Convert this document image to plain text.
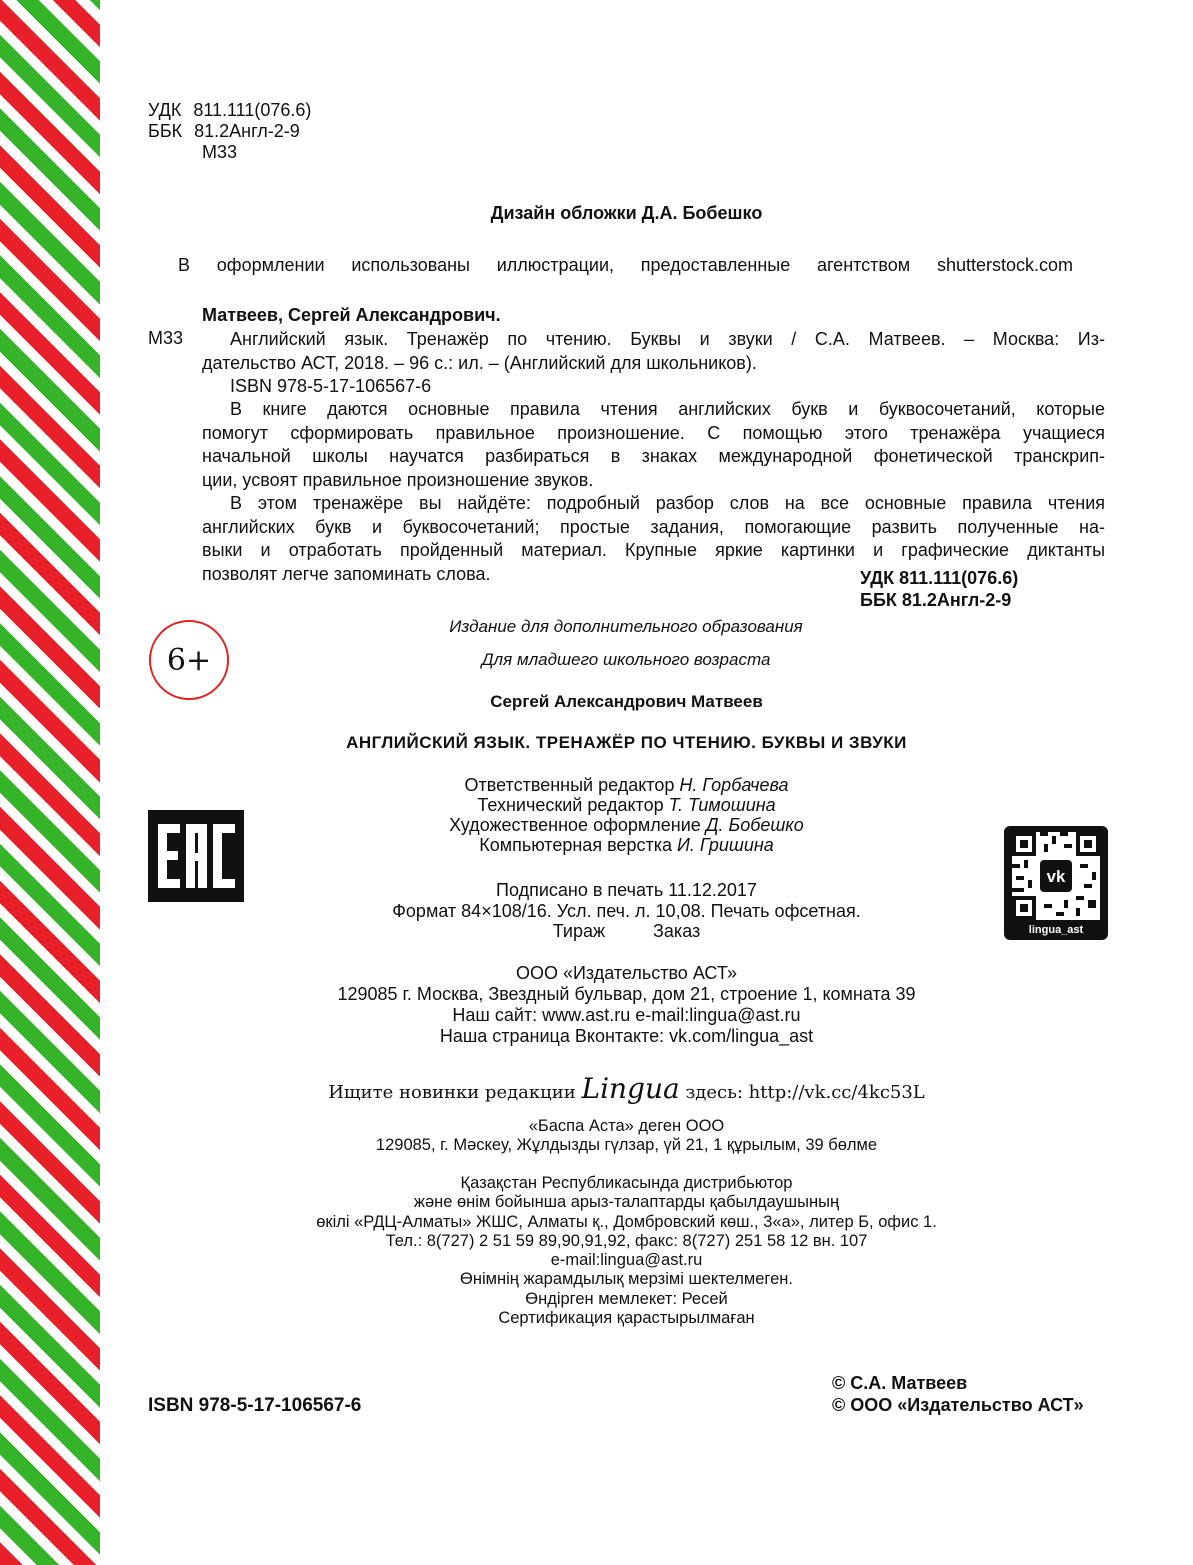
УДК 811.111(076.6)
ББК 81.2Англ-2-9
М33
Дизайн обложки Д.А. Бобешко
В оформлении использованы иллюстрации, предоставленные агентством shutterstock.com
Матвеев, Сергей Александрович.
М33	Английский язык. Тренажёр по чтению. Буквы и звуки / С.А. Матвеев. – Москва: Из-
дательство АСТ, 2018. – 96 с.: ил. – (Английский для школьников).
ISBN 978-5-17-106567-6
В книге даются основные правила чтения английских букв и буквосочетаний, которые
помогут сформировать правильное произношение. С помощью этого тренажёра учащиеся
начальной школы научатся разбираться в знаках международной фонетической транскрип-
ции, усвоят правильное произношение звуков.
В этом тренажёре вы найдёте: подробный разбор слов на все основные правила чтения
английских букв и буквосочетаний; простые задания, помогающие развить полученные на-
выки и отработать пройденный материал. Крупные яркие картинки и графические диктанты
позволят легче запоминать слова.	УДК 811.111(076.6)
ББК 81.2Англ-2-9
6+
Издание для дополнительного образования
Для младшего школьного возраста
Сергей Александрович Матвеев
АНГЛИЙСКИЙ ЯЗЫК. ТРЕНАЖЁР ПО ЧТЕНИЮ. БУКВЫ И ЗВУКИ
Ответственный редактор Н. Горбачева
Технический редактор Т. Тимошина
Художественное оформление Д. Бобешко
Компьютерная верстка И. Гришина
vk
lingua_ast
Подписано в печать 11.12.2017
Формат 84×108/16. Усл. печ. л. 10,08. Печать офсетная.
Тираж	Заказ
ООО «Издательство АСТ»
129085 г. Москва, Звездный бульвар, дом 21, строение 1, комната 39
Наш сайт: www.ast.ru e-mail:lingua@ast.ru
Наша страница Вконтакте: vk.com/lingua_ast
Ищите новинки редакции Lingua здесь: http://vk.cc/4kc53L
«Баспа Аста» деген ООО
129085, г. Мәскеу, Жұлдызды гүлзар, үй 21, 1 құрылым, 39 бөлме
Қазақстан Республикасында дистрибьютор
және өнім бойынша арыз-талаптарды қабылдаушының
өкілі «РДЦ-Алматы» ЖШС, Алматы қ., Домбровский көш., 3«а», литер Б, офис 1.
Тел.: 8(727) 2 51 59 89,90,91,92, факс: 8(727) 251 58 12 вн. 107
e-mail:lingua@ast.ru
Өнімнің жарамдылық мерзімі шектелмеген.
Өндірген мемлекет: Ресей
Сертификация қарастырылмаған
ISBN 978-5-17-106567-6
© С.А. Матвеев
© ООО «Издательство АСТ»
